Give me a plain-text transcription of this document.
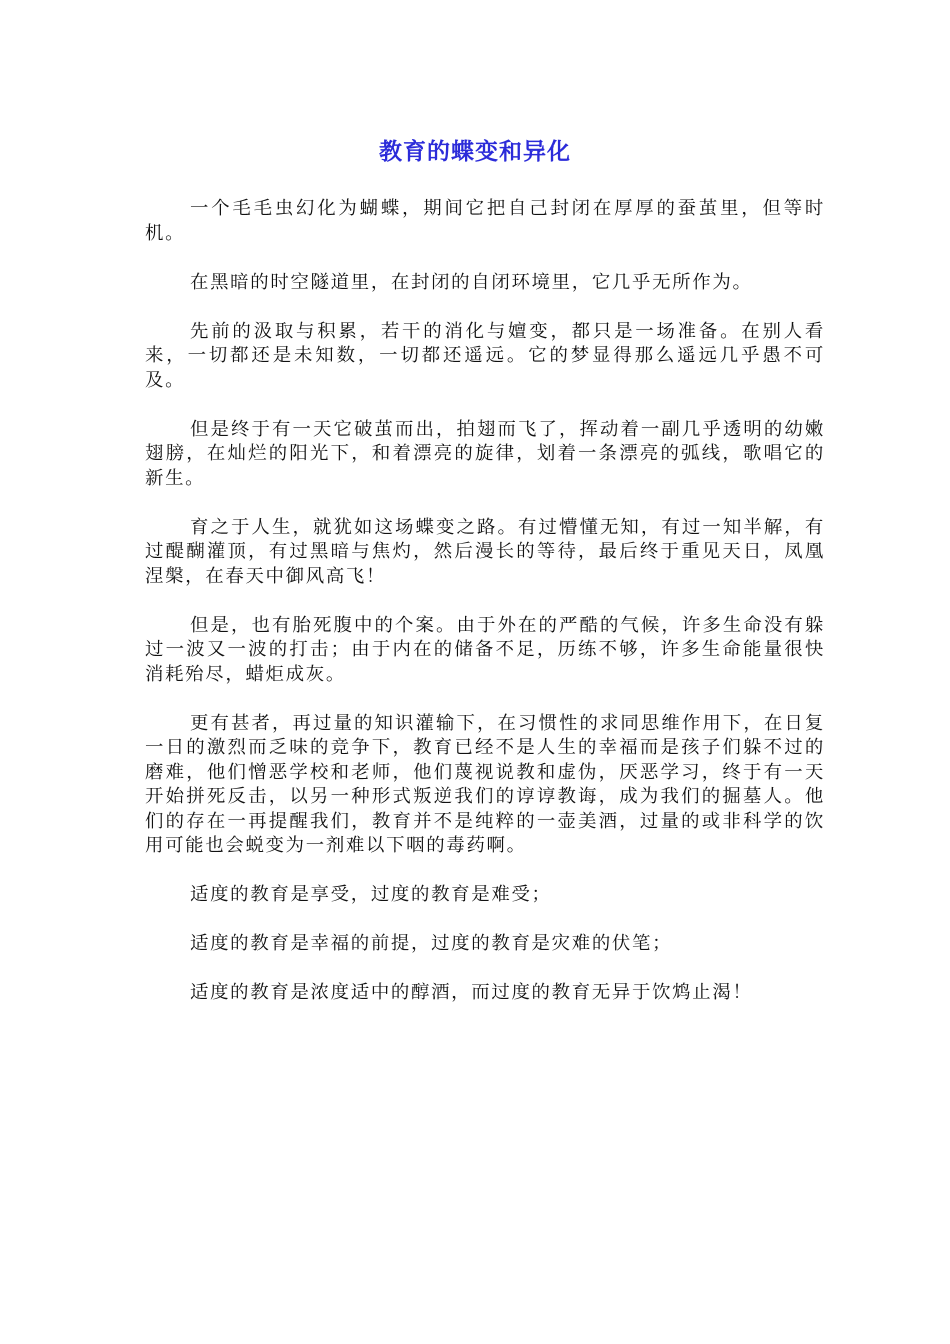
教育的蝶变和异化

一个毛毛虫幻化为蝴蝶，期间它把自己封闭在厚厚的蚕茧里，但等时机。

在黑暗的时空隧道里，在封闭的自闭环境里，它几乎无所作为。

先前的汲取与积累，若干的消化与嬗变，都只是一场准备。在别人看来，一切都还是未知数，一切都还遥远。它的梦显得那么遥远几乎愚不可及。

但是终于有一天它破茧而出，拍翅而飞了，挥动着一副几乎透明的幼嫩翅膀，在灿烂的阳光下，和着漂亮的旋律，划着一条漂亮的弧线，歌唱它的新生。

育之于人生，就犹如这场蝶变之路。有过懵懂无知，有过一知半解，有过醍醐灌顶，有过黑暗与焦灼，然后漫长的等待，最后终于重见天日，凤凰涅槃，在春天中御风高飞！

但是，也有胎死腹中的个案。由于外在的严酷的气候，许多生命没有躲过一波又一波的打击；由于内在的储备不足，历练不够，许多生命能量很快消耗殆尽，蜡炬成灰。

更有甚者，再过量的知识灌输下，在习惯性的求同思维作用下，在日复一日的激烈而乏味的竞争下，教育已经不是人生的幸福而是孩子们躲不过的磨难，他们憎恶学校和老师，他们蔑视说教和虚伪，厌恶学习，终于有一天开始拼死反击，以另一种形式叛逆我们的谆谆教诲，成为我们的掘墓人。他们的存在一再提醒我们，教育并不是纯粹的一壶美酒，过量的或非科学的饮用可能也会蜕变为一剂难以下咽的毒药啊。

适度的教育是享受，过度的教育是难受；

适度的教育是幸福的前提，过度的教育是灾难的伏笔；

适度的教育是浓度适中的醇酒，而过度的教育无异于饮鸩止渴！
